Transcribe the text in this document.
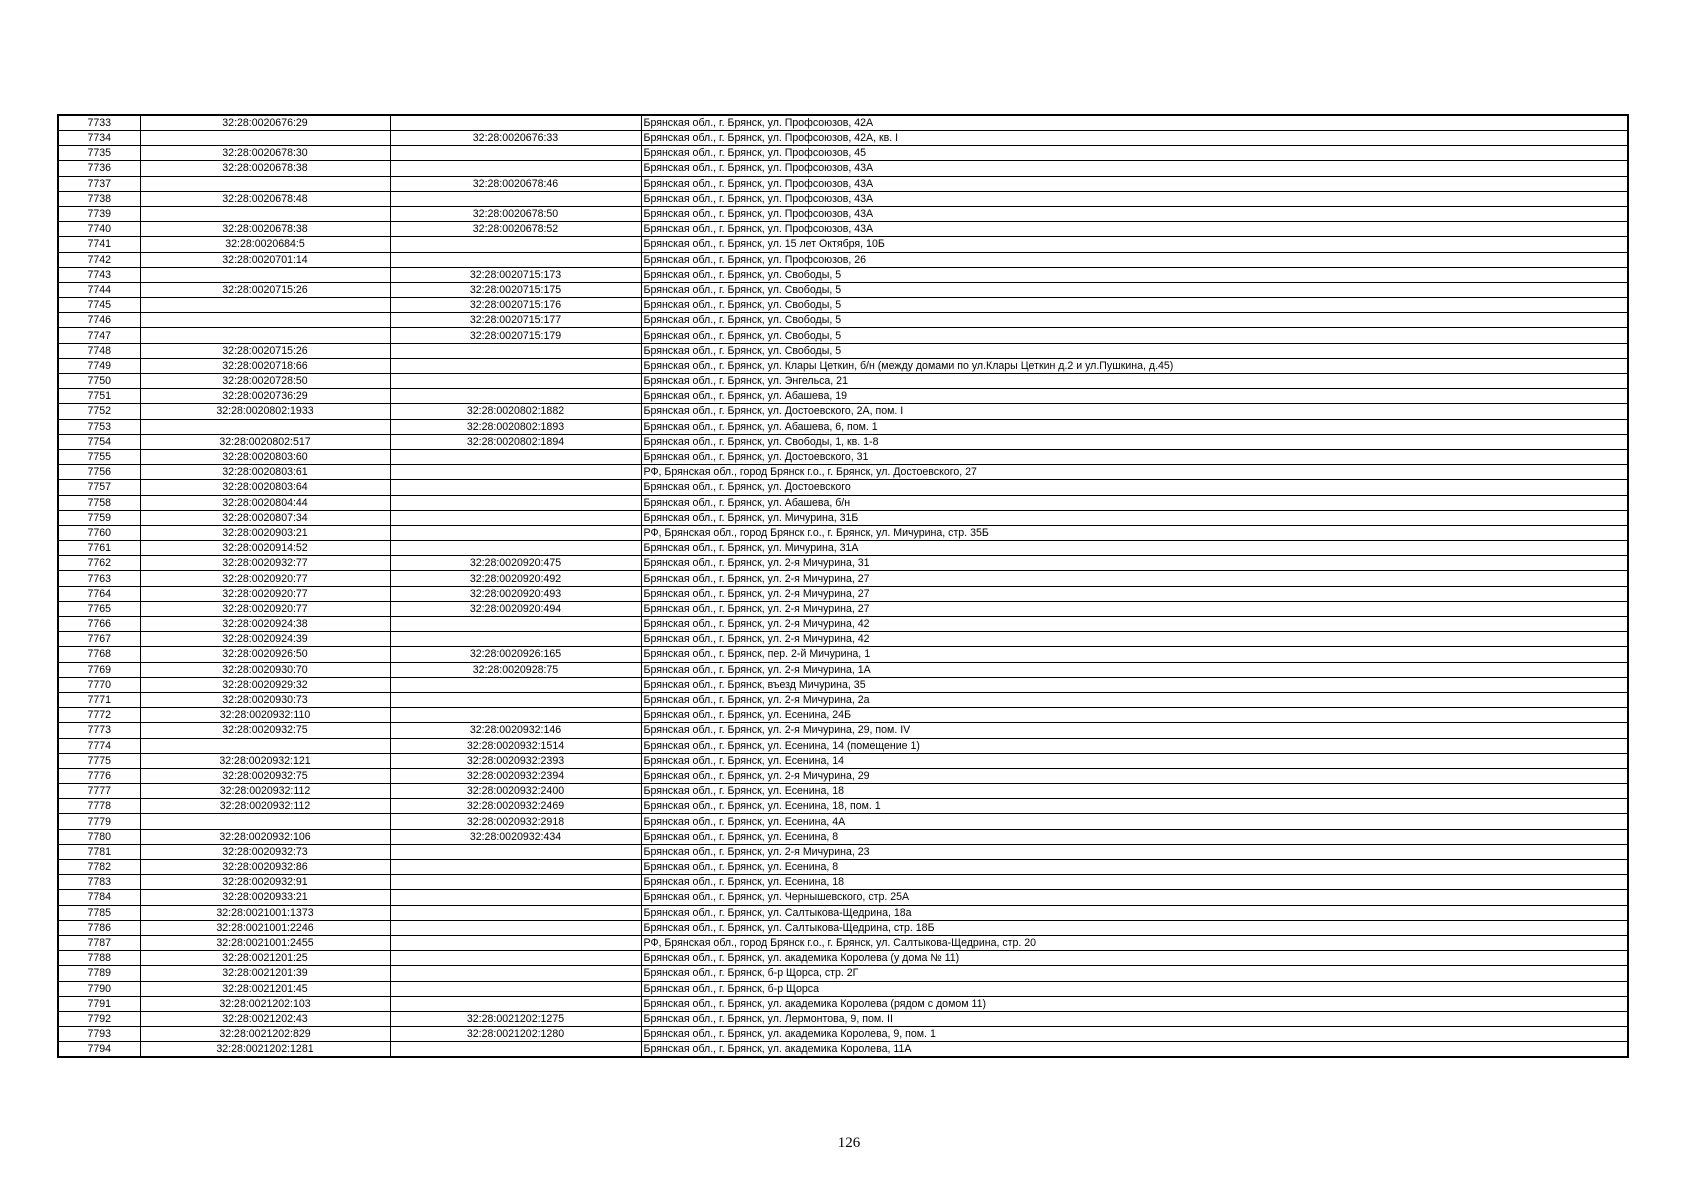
7733	32:28:0020676:29		Брянская обл., г. Брянск, ул. Профсоюзов, 42А
7734		32:28:0020676:33	Брянская обл., г. Брянск, ул. Профсоюзов, 42А, кв. I
7735	32:28:0020678:30		Брянская обл., г. Брянск, ул. Профсоюзов, 45
7736	32:28:0020678:38		Брянская обл., г. Брянск, ул. Профсоюзов, 43А
7737		32:28:0020678:46	Брянская обл., г. Брянск, ул. Профсоюзов, 43А
7738	32:28:0020678:48		Брянская обл., г. Брянск, ул. Профсоюзов, 43А
7739		32:28:0020678:50	Брянская обл., г. Брянск, ул. Профсоюзов, 43А
7740	32:28:0020678:38	32:28:0020678:52	Брянская обл., г. Брянск, ул. Профсоюзов, 43А
7741	32:28:0020684:5		Брянская обл., г. Брянск, ул. 15 лет Октября, 10Б
7742	32:28:0020701:14		Брянская обл., г. Брянск, ул. Профсоюзов, 26
7743		32:28:0020715:173	Брянская обл., г. Брянск, ул. Свободы, 5
7744	32:28:0020715:26	32:28:0020715:175	Брянская обл., г. Брянск, ул. Свободы, 5
7745		32:28:0020715:176	Брянская обл., г. Брянск, ул. Свободы, 5
7746		32:28:0020715:177	Брянская обл., г. Брянск, ул. Свободы, 5
7747		32:28:0020715:179	Брянская обл., г. Брянск, ул. Свободы, 5
7748	32:28:0020715:26		Брянская обл., г. Брянск, ул. Свободы, 5
7749	32:28:0020718:66		Брянская обл., г. Брянск, ул. Клары Цеткин, б/н (между домами по ул.Клары Цеткин д.2 и ул.Пушкина, д.45)
7750	32:28:0020728:50		Брянская обл., г. Брянск, ул. Энгельса, 21
7751	32:28:0020736:29		Брянская обл., г. Брянск, ул. Абашева, 19
7752	32:28:0020802:1933	32:28:0020802:1882	Брянская обл., г. Брянск, ул. Достоевского, 2А, пом. I
7753		32:28:0020802:1893	Брянская обл., г. Брянск, ул. Абашева, 6, пом. 1
7754	32:28:0020802:517	32:28:0020802:1894	Брянская обл., г. Брянск, ул. Свободы, 1, кв. 1-8
7755	32:28:0020803:60		Брянская обл., г. Брянск, ул. Достоевского, 31
7756	32:28:0020803:61		РФ, Брянская обл., город Брянск г.о., г. Брянск, ул. Достоевского, 27
7757	32:28:0020803:64		Брянская обл., г. Брянск, ул. Достоевского
7758	32:28:0020804:44		Брянская обл., г. Брянск, ул. Абашева, б/н
7759	32:28:0020807:34		Брянская обл., г. Брянск, ул. Мичурина, 31Б
7760	32:28:0020903:21		РФ, Брянская обл., город Брянск г.о., г. Брянск, ул. Мичурина, стр. 35Б
7761	32:28:0020914:52		Брянская обл., г. Брянск, ул. Мичурина, 31А
7762	32:28:0020932:77	32:28:0020920:475	Брянская обл., г. Брянск, ул. 2-я Мичурина, 31
7763	32:28:0020920:77	32:28:0020920:492	Брянская обл., г. Брянск, ул. 2-я Мичурина, 27
7764	32:28:0020920:77	32:28:0020920:493	Брянская обл., г. Брянск, ул. 2-я Мичурина, 27
7765	32:28:0020920:77	32:28:0020920:494	Брянская обл., г. Брянск, ул. 2-я Мичурина, 27
7766	32:28:0020924:38		Брянская обл., г. Брянск, ул. 2-я Мичурина, 42
7767	32:28:0020924:39		Брянская обл., г. Брянск, ул. 2-я Мичурина, 42
7768	32:28:0020926:50	32:28:0020926:165	Брянская обл., г. Брянск, пер. 2-й Мичурина, 1
7769	32:28:0020930:70	32:28:0020928:75	Брянская обл., г. Брянск, ул. 2-я Мичурина, 1А
7770	32:28:0020929:32		Брянская обл., г. Брянск, въезд Мичурина, 35
7771	32:28:0020930:73		Брянская обл., г. Брянск, ул. 2-я Мичурина, 2а
7772	32:28:0020932:110		Брянская обл., г. Брянск, ул. Есенина, 24Б
7773	32:28:0020932:75	32:28:0020932:146	Брянская обл., г. Брянск, ул. 2-я Мичурина, 29, пом. IV
7774		32:28:0020932:1514	Брянская обл., г. Брянск, ул. Есенина, 14 (помещение 1)
7775	32:28:0020932:121	32:28:0020932:2393	Брянская обл., г. Брянск, ул. Есенина, 14
7776	32:28:0020932:75	32:28:0020932:2394	Брянская обл., г. Брянск, ул. 2-я Мичурина, 29
7777	32:28:0020932:112	32:28:0020932:2400	Брянская обл., г. Брянск, ул. Есенина, 18
7778	32:28:0020932:112	32:28:0020932:2469	Брянская обл., г. Брянск, ул. Есенина, 18, пом. 1
7779		32:28:0020932:2918	Брянская обл., г. Брянск, ул. Есенина, 4А
7780	32:28:0020932:106	32:28:0020932:434	Брянская обл., г. Брянск, ул. Есенина, 8
7781	32:28:0020932:73		Брянская обл., г. Брянск, ул. 2-я Мичурина, 23
7782	32:28:0020932:86		Брянская обл., г. Брянск, ул. Есенина, 8
7783	32:28:0020932:91		Брянская обл., г. Брянск, ул. Есенина, 18
7784	32:28:0020933:21		Брянская обл., г. Брянск, ул. Чернышевского, стр. 25А
7785	32:28:0021001:1373		Брянская обл., г. Брянск, ул. Салтыкова-Щедрина, 18а
7786	32:28:0021001:2246		Брянская обл., г. Брянск, ул. Салтыкова-Щедрина, стр. 18Б
7787	32:28:0021001:2455		РФ, Брянская обл., город Брянск г.о., г. Брянск, ул. Салтыкова-Щедрина, стр. 20
7788	32:28:0021201:25		Брянская обл., г. Брянск, ул. академика Королева (у дома № 11)
7789	32:28:0021201:39		Брянская обл., г. Брянск, б-р Щорса, стр. 2Г
7790	32:28:0021201:45		Брянская обл., г. Брянск, б-р Щорса
7791	32:28:0021202:103		Брянская обл., г. Брянск, ул. академика Королева (рядом с домом 11)
7792	32:28:0021202:43	32:28:0021202:1275	Брянская обл., г. Брянск, ул. Лермонтова, 9, пом. II
7793	32:28:0021202:829	32:28:0021202:1280	Брянская обл., г. Брянск, ул. академика Королева, 9, пом. 1
7794	32:28:0021202:1281		Брянская обл., г. Брянск, ул. академика Королева, 11А
126
